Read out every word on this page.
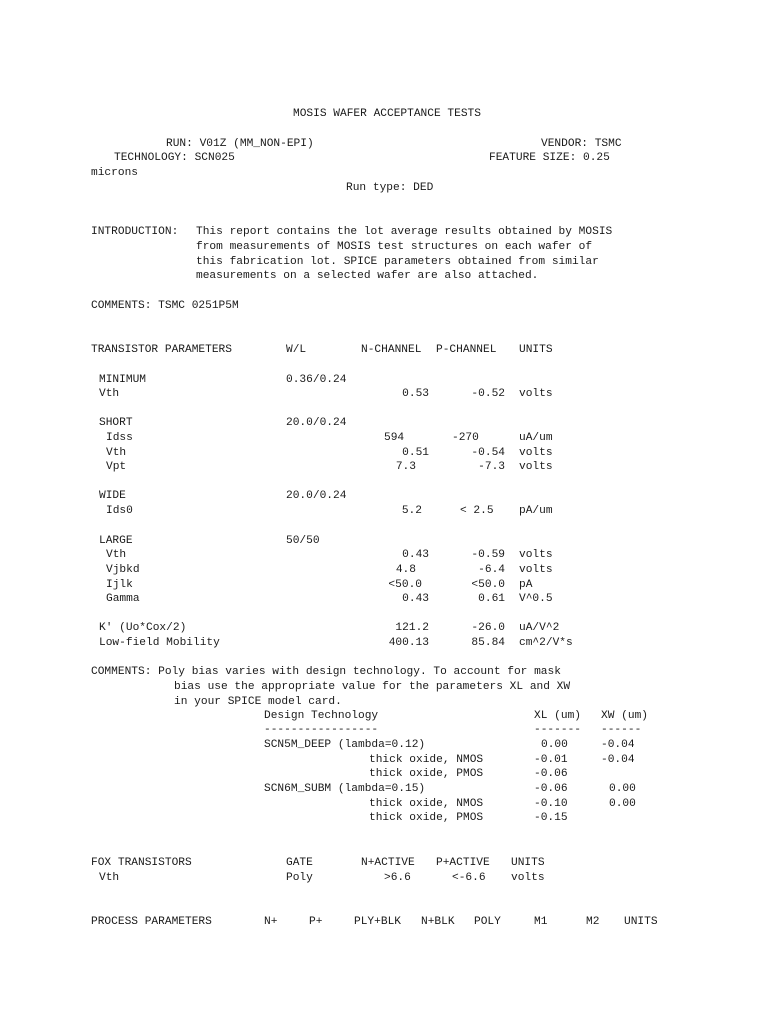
MOSIS WAFER ACCEPTANCE TESTS
RUN: V01Z (MM_NON-EPI)	VENDOR: TSMC
TECHNOLOGY: SCN025	FEATURE SIZE: 0.25
microns
Run type: DED
INTRODUCTION: This report contains the lot average results obtained by MOSIS
from measurements of MOSIS test structures on each wafer of
this fabrication lot. SPICE parameters obtained from similar
measurements on a selected wafer are also attached.
COMMENTS: TSMC 0251P5M
TRANSISTOR PARAMETERS	W/L	N-CHANNEL P-CHANNEL UNITS
MINIMUM	0.36/0.24
Vth	0.53	-0.52 volts
SHORT	20.0/0.24
Idss	594	-270	uA/um
Vth	0.51	-0.54 volts
Vpt	7.3	-7.3 volts
WIDE	20.0/0.24
Ids0	5.2	< 2.5 pA/um
LARGE	50/50
Vth	0.43	-0.59 volts
Vjbkd	4.8	-6.4 volts
Ijlk	<50.0	<50.0 pA
Gamma	0.43	0.61 V^0.5
K' (Uo*Cox/2)	121.2	-26.0 uA/V^2
Low-field Mobility	400.13	85.84 cm^2/V*s
COMMENTS: Poly bias varies with design technology. To account for mask
bias use the appropriate value for the parameters XL and XW
in your SPICE model card.
Design Technology	XL (um) XW (um)
-----------------	------- ------
SCN5M_DEEP (lambda=0.12)	0.00	-0.04
thick oxide, NMOS	-0.01	-0.04
thick oxide, PMOS	-0.06
SCN6M_SUBM (lambda=0.15)	-0.06	0.00
thick oxide, NMOS	-0.10	0.00
thick oxide, PMOS	-0.15
FOX TRANSISTORS	GATE	N+ACTIVE P+ACTIVE UNITS
Vth	Poly	>6.6	<-6.6 volts
PROCESS PARAMETERS	N+	P+	PLY+BLK N+BLK POLY	M1	M2 UNITS
